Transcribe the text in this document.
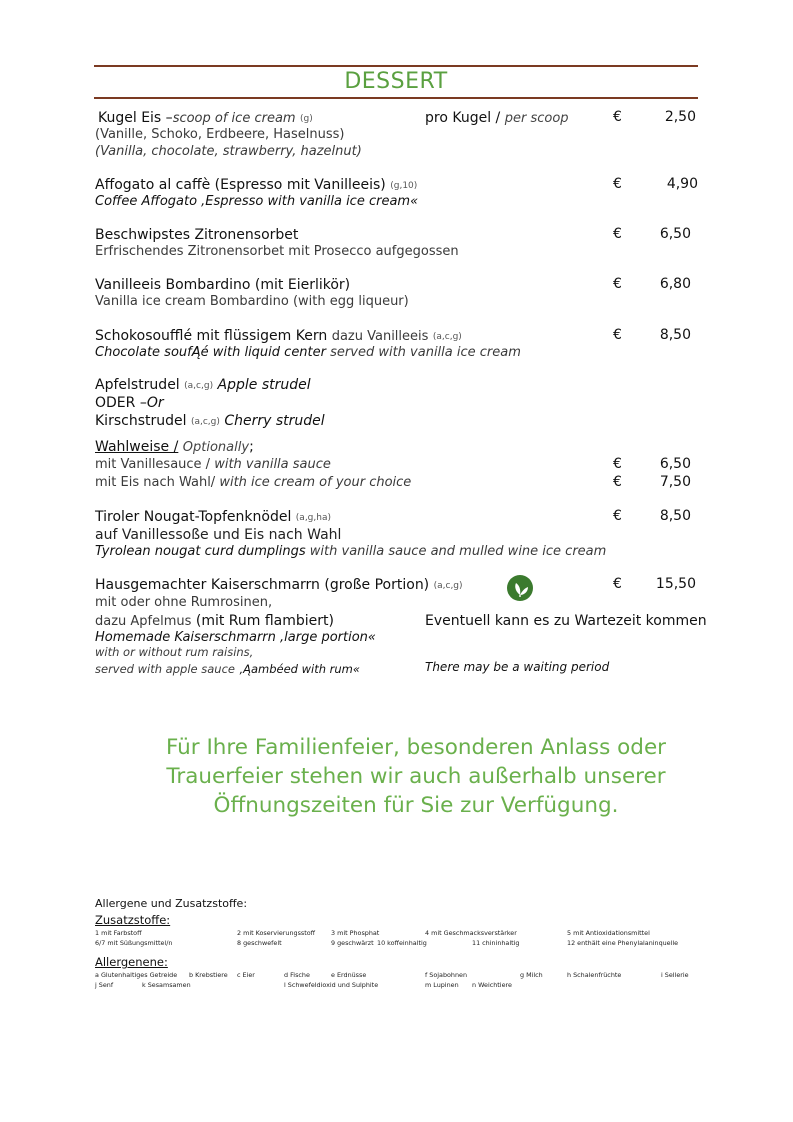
DESSERT
Kugel Eis –scoop of ice cream (g)	pro Kugel / per scoop	€	2,50
(Vanille, Schoko, Erdbeere, Haselnuss)
(Vanilla, chocolate, strawberry, hazelnut)
Affogato al caffè (Espresso mit Vanilleeis) (g,10)	€	4,90
Coffee Affogato ‚Espresso with vanilla ice cream«
Beschwipstes Zitronensorbet	€	6,50
Erfrischendes Zitronensorbet mit Prosecco aufgegossen
Vanilleeis Bombardino (mit Eierlikör)	€	6,80
Vanilla ice cream Bombardino (with egg liqueur)
Schokosoufflé mit flüssigem Kern dazu Vanilleeis (a,c,g)	€	8,50
Chocolate soufĄé with liquid center served with vanilla ice cream
Apfelstrudel (a,c,g) Apple strudel
ODER –Or
Kirschstrudel (a,c,g) Cherry strudel
Wahlweise / Optionally;
mit Vanillesauce / with vanilla sauce	€	6,50
mit Eis nach Wahl/ with ice cream of your choice	€	7,50
Tiroler Nougat-Topfenknödel (a,g,ha)	€	8,50
auf Vanillessoße und Eis nach Wahl
Tyrolean nougat curd dumplings with vanilla sauce and mulled wine ice cream
Hausgemachter Kaiserschmarrn (große Portion) (a,c,g)	€	15,50
mit oder ohne Rumrosinen,
dazu Apfelmus (mit Rum flambiert)	Eventuell kann es zu Wartezeit kommen
Homemade Kaiserschmarrn ‚large portion«
with or without rum raisins,
served with apple sauce ‚Ąambéed with rum«	There may be a waiting period
Für Ihre Familienfeier, besonderen Anlass oder
Trauerfeier stehen wir auch außerhalb unserer
Öffnungszeiten für Sie zur Verfügung.
Allergene und Zusatzstoffe:
Zusatzstoffe:
1 mit Farbstoff	2 mit Koservierungsstoff 3 mit Phosphat	4 mit Geschmacksverstärker	5 mit Antioxidationsmittel
6/7 mit Süßungsmittel/n	8 geschwefelt	9 geschwärzt 10 koffeinhaltig	11 chininhaltig	12 enthält eine Phenylalaninquelle
Allergenene:
a Glutenhaltiges Getreide b Krebstiere c Eier	d Fische	e Erdnüsse	f Sojabohnen	g Milch	h Schalenfrüchte	i Sellerie
j Senf	k Sesamsamen	l Schwefeldioxid und Sulphite	m Lupinen n Weichtiere
